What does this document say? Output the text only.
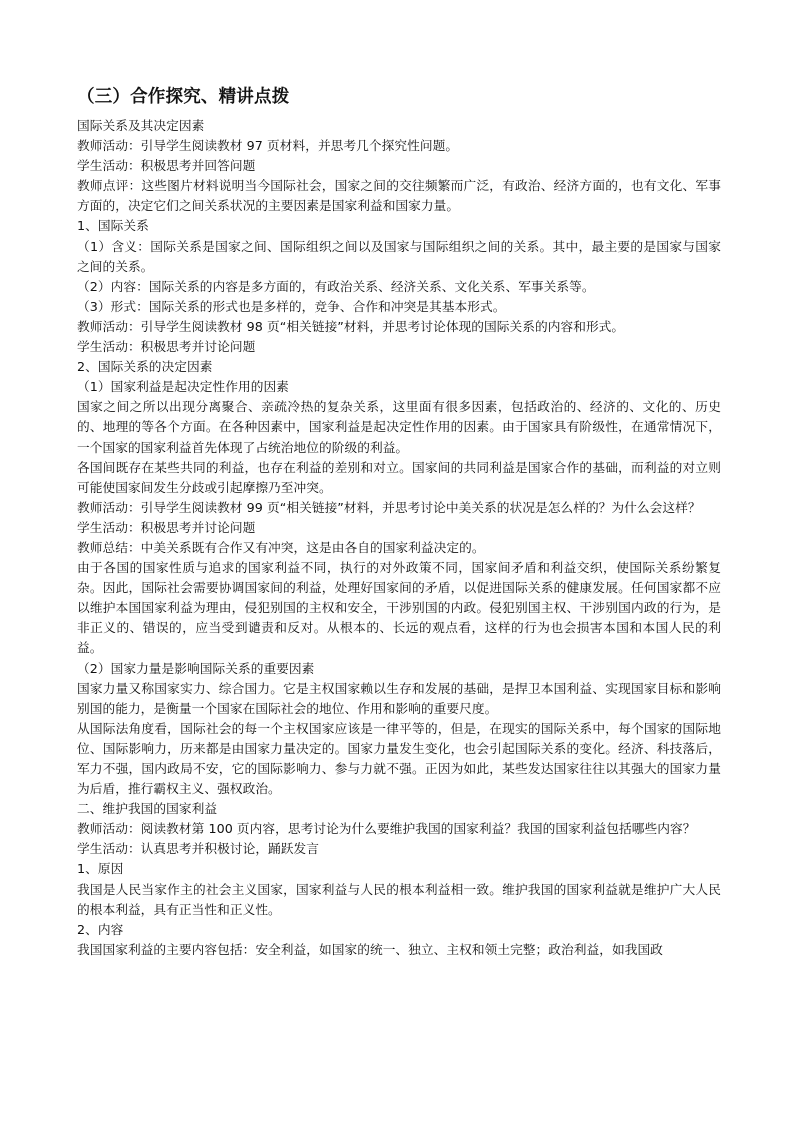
（三）合作探究、精讲点拨

国际关系及其决定因素

教师活动：引导学生阅读教材 97 页材料，并思考几个探究性问题。

学生活动：积极思考并回答问题

教师点评：这些图片材料说明当今国际社会，国家之间的交往频繁而广泛，有政治、经济方面的，也有文化、军事方面的，决定它们之间关系状况的主要因素是国家利益和国家力量。

1、国际关系

（1）含义：国际关系是国家之间、国际组织之间以及国家与国际组织之间的关系。其中，最主要的是国家与国家之间的关系。

（2）内容：国际关系的内容是多方面的，有政治关系、经济关系、文化关系、军事关系等。

（3）形式：国际关系的形式也是多样的，竞争、合作和冲突是其基本形式。

教师活动：引导学生阅读教材 98 页“相关链接”材料，并思考讨论体现的国际关系的内容和形式。

学生活动：积极思考并讨论问题

2、国际关系的决定因素

（1）国家利益是起决定性作用的因素

国家之间之所以出现分离聚合、亲疏冷热的复杂关系，这里面有很多因素，包括政治的、经济的、文化的、历史的、地理的等各个方面。在各种因素中，国家利益是起决定性作用的因素。由于国家具有阶级性，在通常情况下，一个国家的国家利益首先体现了占统治地位的阶级的利益。

各国间既存在某些共同的利益，也存在利益的差别和对立。国家间的共同利益是国家合作的基础，而利益的对立则可能使国家间发生分歧或引起摩擦乃至冲突。

教师活动：引导学生阅读教材 99 页“相关链接”材料，并思考讨论中美关系的状况是怎么样的？为什么会这样？

学生活动：积极思考并讨论问题

教师总结：中美关系既有合作又有冲突，这是由各自的国家利益决定的。

由于各国的国家性质与追求的国家利益不同，执行的对外政策不同，国家间矛盾和利益交织，使国际关系纷繁复杂。因此，国际社会需要协调国家间的利益，处理好国家间的矛盾，以促进国际关系的健康发展。任何国家都不应以维护本国国家利益为理由，侵犯别国的主权和安全，干涉别国的内政。侵犯别国主权、干涉别国内政的行为，是非正义的、错误的，应当受到谴责和反对。从根本的、长远的观点看，这样的行为也会损害本国和本国人民的利益。

（2）国家力量是影响国际关系的重要因素

国家力量又称国家实力、综合国力。它是主权国家赖以生存和发展的基础，是捍卫本国利益、实现国家目标和影响别国的能力，是衡量一个国家在国际社会的地位、作用和影响的重要尺度。

从国际法角度看，国际社会的每一个主权国家应该是一律平等的，但是，在现实的国际关系中，每个国家的国际地位、国际影响力，历来都是由国家力量决定的。国家力量发生变化，也会引起国际关系的变化。经济、科技落后，军力不强，国内政局不安，它的国际影响力、参与力就不强。正因为如此，某些发达国家往往以其强大的国家力量为后盾，推行霸权主义、强权政治。

二、维护我国的国家利益

教师活动：阅读教材第 100 页内容，思考讨论为什么要维护我国的国家利益？我国的国家利益包括哪些内容？

学生活动：认真思考并积极讨论，踊跃发言

1、原因

我国是人民当家作主的社会主义国家，国家利益与人民的根本利益相一致。维护我国的国家利益就是维护广大人民的根本利益，具有正当性和正义性。

2、内容

我国国家利益的主要内容包括：安全利益，如国家的统一、独立、主权和领土完整；政治利益，如我国政
